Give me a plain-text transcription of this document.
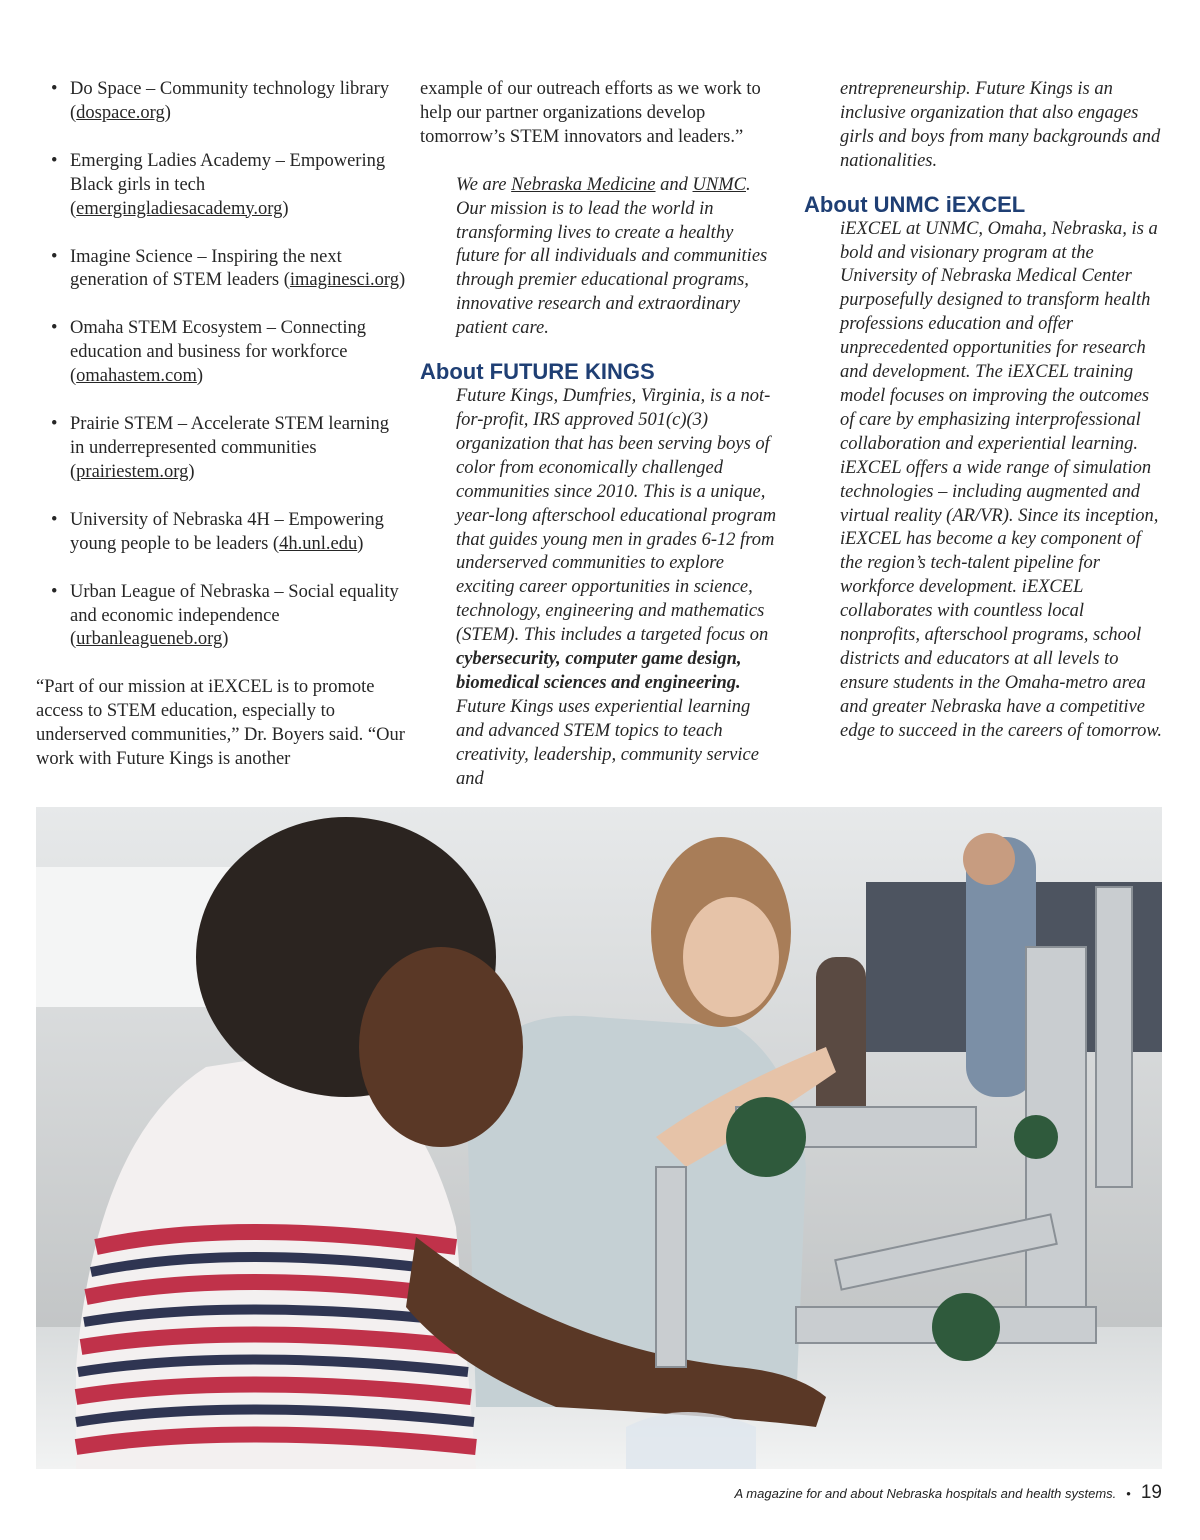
• Do Space – Community technology library (dospace.org)
• Emerging Ladies Academy – Empowering Black girls in tech (emergingladiesacademy.org)
• Imagine Science – Inspiring the next generation of STEM leaders (imaginesci.org)
• Omaha STEM Ecosystem – Connecting education and business for workforce (omahastem.com)
• Prairie STEM – Accelerate STEM learning in underrepresented communities (prairiestem.org)
• University of Nebraska 4H – Empowering young people to be leaders (4h.unl.edu)
• Urban League of Nebraska – Social equality and economic independence (urbanleagueneb.org)

“Part of our mission at iEXCEL is to promote access to STEM education, especially to underserved communities,” Dr. Boyers said. “Our work with Future Kings is another

example of our outreach efforts as we work to help our partner organizations develop tomorrow’s STEM innovators and leaders.”

We are Nebraska Medicine and UNMC. Our mission is to lead the world in transforming lives to create a healthy future for all individuals and communities through premier educational programs, innovative research and extraordinary patient care.

About FUTURE KINGS

Future Kings, Dumfries, Virginia, is a not-for-profit, IRS approved 501(c)(3) organization that has been serving boys of color from economically challenged communities since 2010. This is a unique, year-long afterschool educational program that guides young men in grades 6-12 from underserved communities to explore exciting career opportunities in science, technology, engineering and mathematics (STEM). This includes a targeted focus on cybersecurity, computer game design, biomedical sciences and engineering. Future Kings uses experiential learning and advanced STEM topics to teach creativity, leadership, community service and

entrepreneurship. Future Kings is an inclusive organization that also engages girls and boys from many backgrounds and nationalities.

About UNMC iEXCEL

iEXCEL at UNMC, Omaha, Nebraska, is a bold and visionary program at the University of Nebraska Medical Center purposefully designed to transform health professions education and offer unprecedented opportunities for research and development. The iEXCEL training model focuses on improving the outcomes of care by emphasizing interprofessional collaboration and experiential learning. iEXCEL offers a wide range of simulation technologies – including augmented and virtual reality (AR/VR). Since its inception, iEXCEL has become a key component of the region’s tech-talent pipeline for workforce development. iEXCEL collaborates with countless local nonprofits, afterschool programs, school districts and educators at all levels to ensure students in the Omaha-metro area and greater Nebraska have a competitive edge to succeed in the careers of tomorrow.

A magazine for and about Nebraska hospitals and health systems. • 19
